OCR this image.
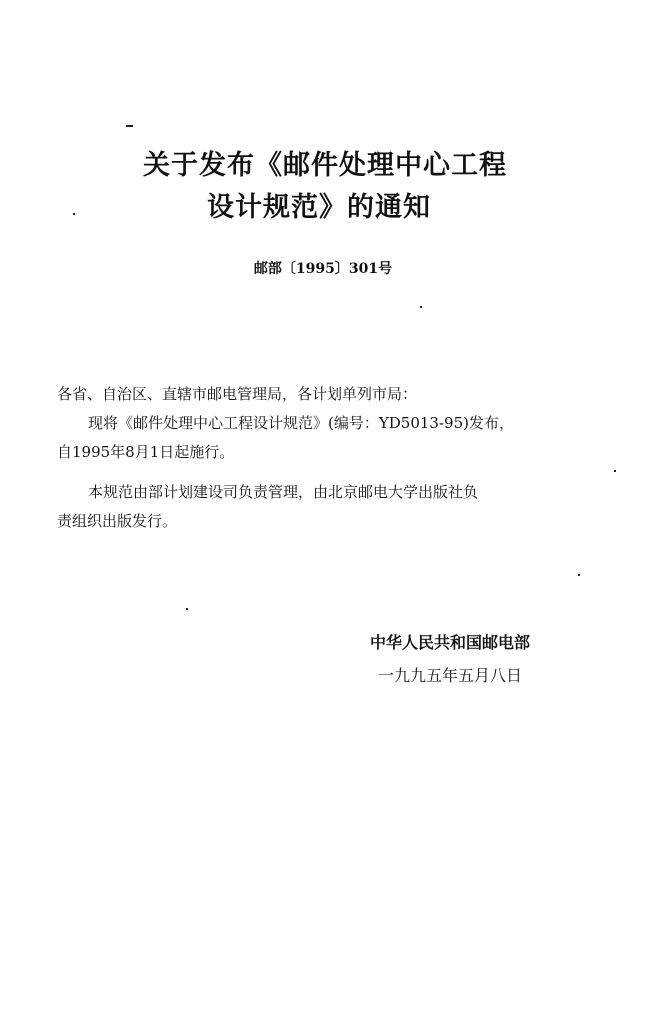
关于发布《邮件处理中心工程
设计规范》的通知
邮部〔1995〕301号
各省、自治区、直辖市邮电管理局，各计划单列市局：
现将《邮件处理中心工程设计规范》(编号：YD5013-95)发布，
自1995年8月1日起施行。
本规范由部计划建设司负责管理，由北京邮电大学出版社负
责组织出版发行。
中华人民共和国邮电部
一九九五年五月八日
